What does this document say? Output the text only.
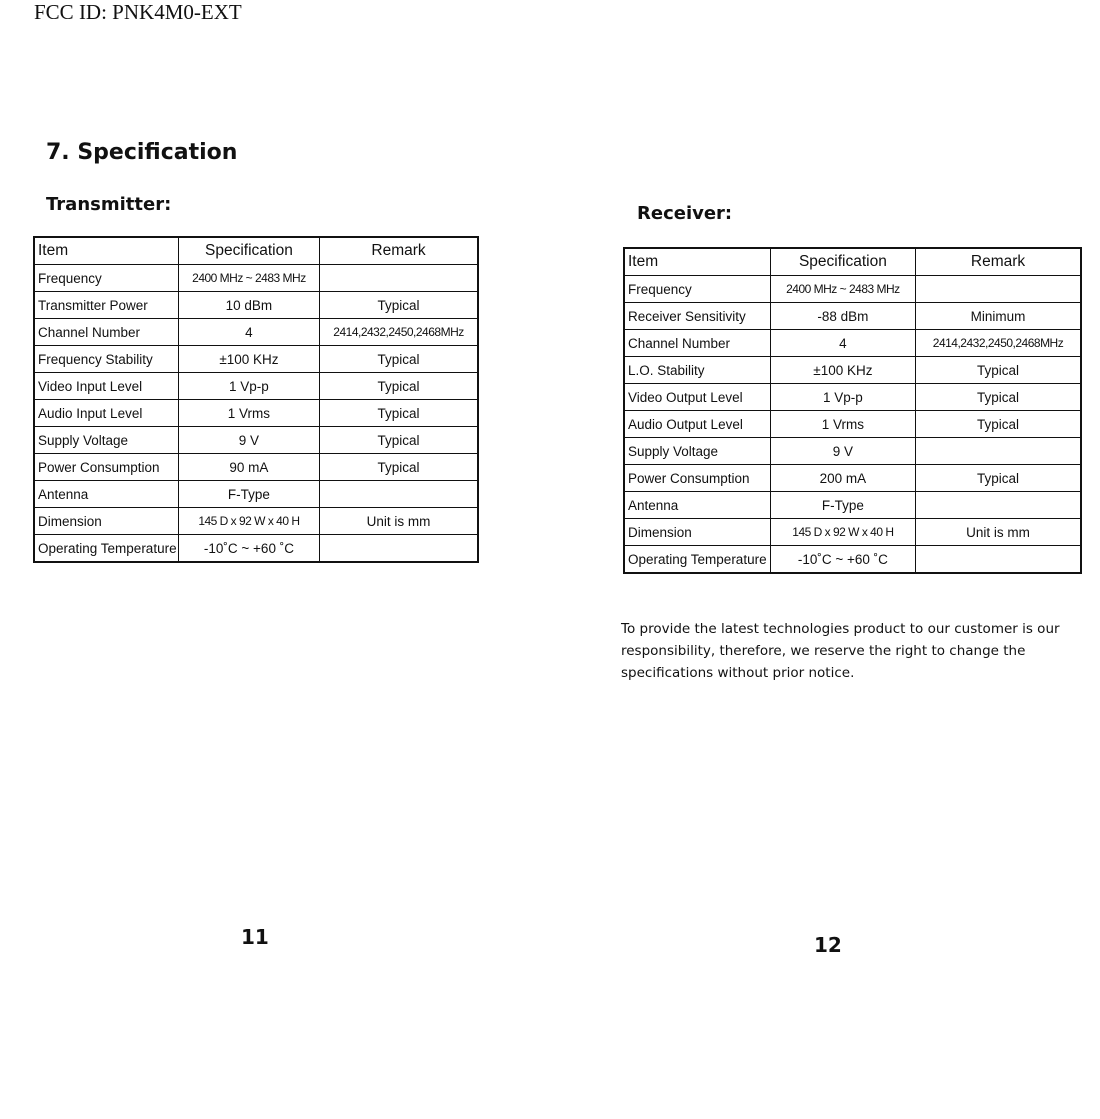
FCC ID: PNK4M0-EXT
7. Specification
Transmitter:
Item	Specification	Remark
Frequency	2400 MHz ~ 2483 MHz	
Transmitter Power	10 dBm	Typical
Channel Number	4	2414,2432,2450,2468MHz
Frequency Stability	±100 KHz	Typical
Video Input Level	1 Vp-p	Typical
Audio Input Level	1 Vrms	Typical
Supply Voltage	9 V	Typical
Power Consumption	90 mA	Typical
Antenna	F-Type	
Dimension	145 D x 92 W x 40 H	Unit is mm
Operating Temperature	-10˚C ~ +60 ˚C	
Receiver:
Item	Specification	Remark
Frequency	2400 MHz ~ 2483 MHz	
Receiver Sensitivity	-88 dBm	Minimum
Channel Number	4	2414,2432,2450,2468MHz
L.O. Stability	±100 KHz	Typical
Video Output Level	1 Vp-p	Typical
Audio Output Level	1 Vrms	Typical
Supply Voltage	9 V	
Power Consumption	200 mA	Typical
Antenna	F-Type	
Dimension	145 D x 92 W x 40 H	Unit is mm
Operating Temperature	-10˚C ~ +60 ˚C	
To provide the latest technologies product to our customer is our responsibility, therefore, we reserve the right to change the specifications without prior notice.
11	12
